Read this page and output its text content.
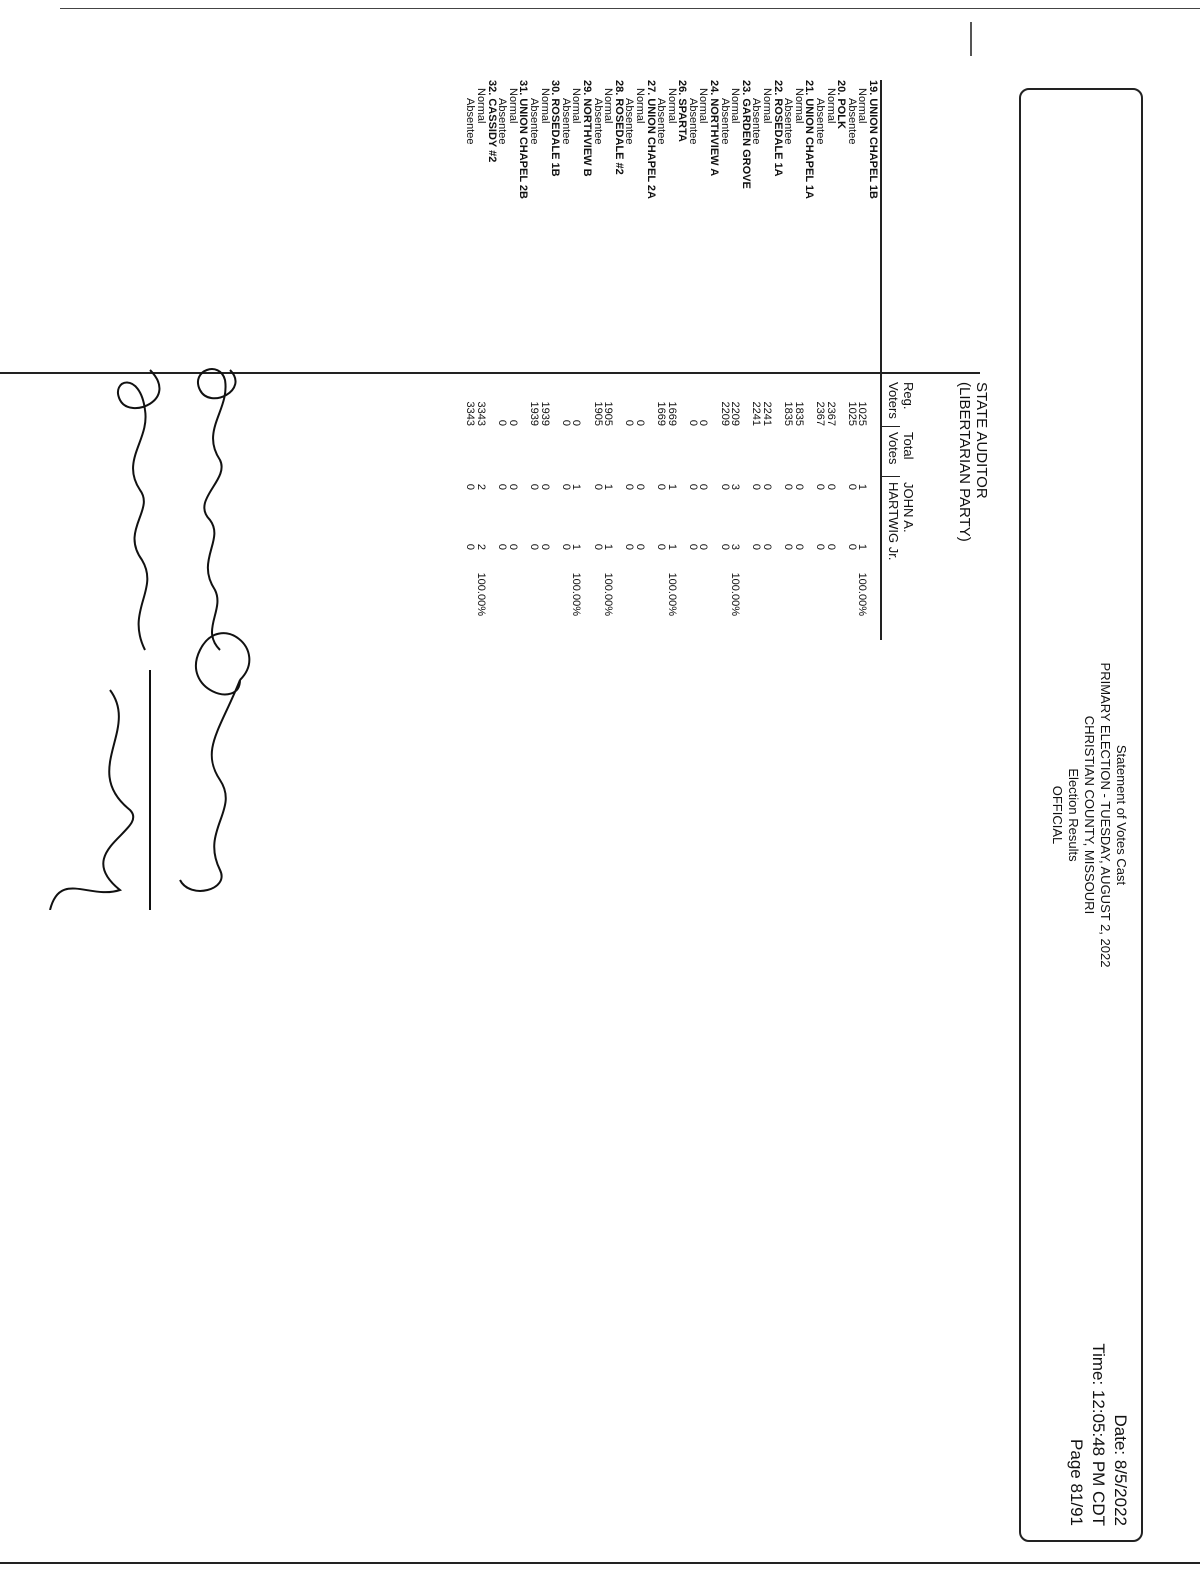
Statement of Votes Cast
PRIMARY ELECTION - TUESDAY, AUGUST 2, 2022
CHRISTIAN COUNTY, MISSOURI
Election Results
OFFICIAL
Date: 8/5/2022
Time: 12:05:48 PM CDT
Page 81/91
STATE AUDITOR
(LIBERTARIAN PARTY)
Reg.
Voters
Total
Votes
JOHN A.
HARTWIG Jr.
19. UNION CHAPEL 1B
Normal
1025
1
1
100.00%
Absentee
1025
0
0
20. POLK
Normal
2367
0
0
Absentee
2367
0
0
21. UNION CHAPEL 1A
Normal
1835
0
0
Absentee
1835
0
0
22. ROSEDALE 1A
Normal
2241
0
0
Absentee
2241
0
0
23. GARDEN GROVE
Normal
2209
3
3
100.00%
Absentee
2209
0
0
24. NORTHVIEW A
Normal
0
0
0
Absentee
0
0
0
26. SPARTA
Normal
1669
1
1
100.00%
Absentee
1669
0
0
27. UNION CHAPEL 2A
Normal
0
0
0
Absentee
0
0
0
28. ROSEDALE #2
Normal
1905
1
1
100.00%
Absentee
1905
0
0
29. NORTHVIEW B
Normal
0
1
1
100.00%
Absentee
0
0
0
30. ROSEDALE 1B
Normal
1939
0
0
Absentee
1939
0
0
31. UNION CHAPEL 2B
Normal
0
0
0
Absentee
0
0
0
32. CASSIDY #2
Normal
3343
2
2
100.00%
Absentee
3343
0
0
